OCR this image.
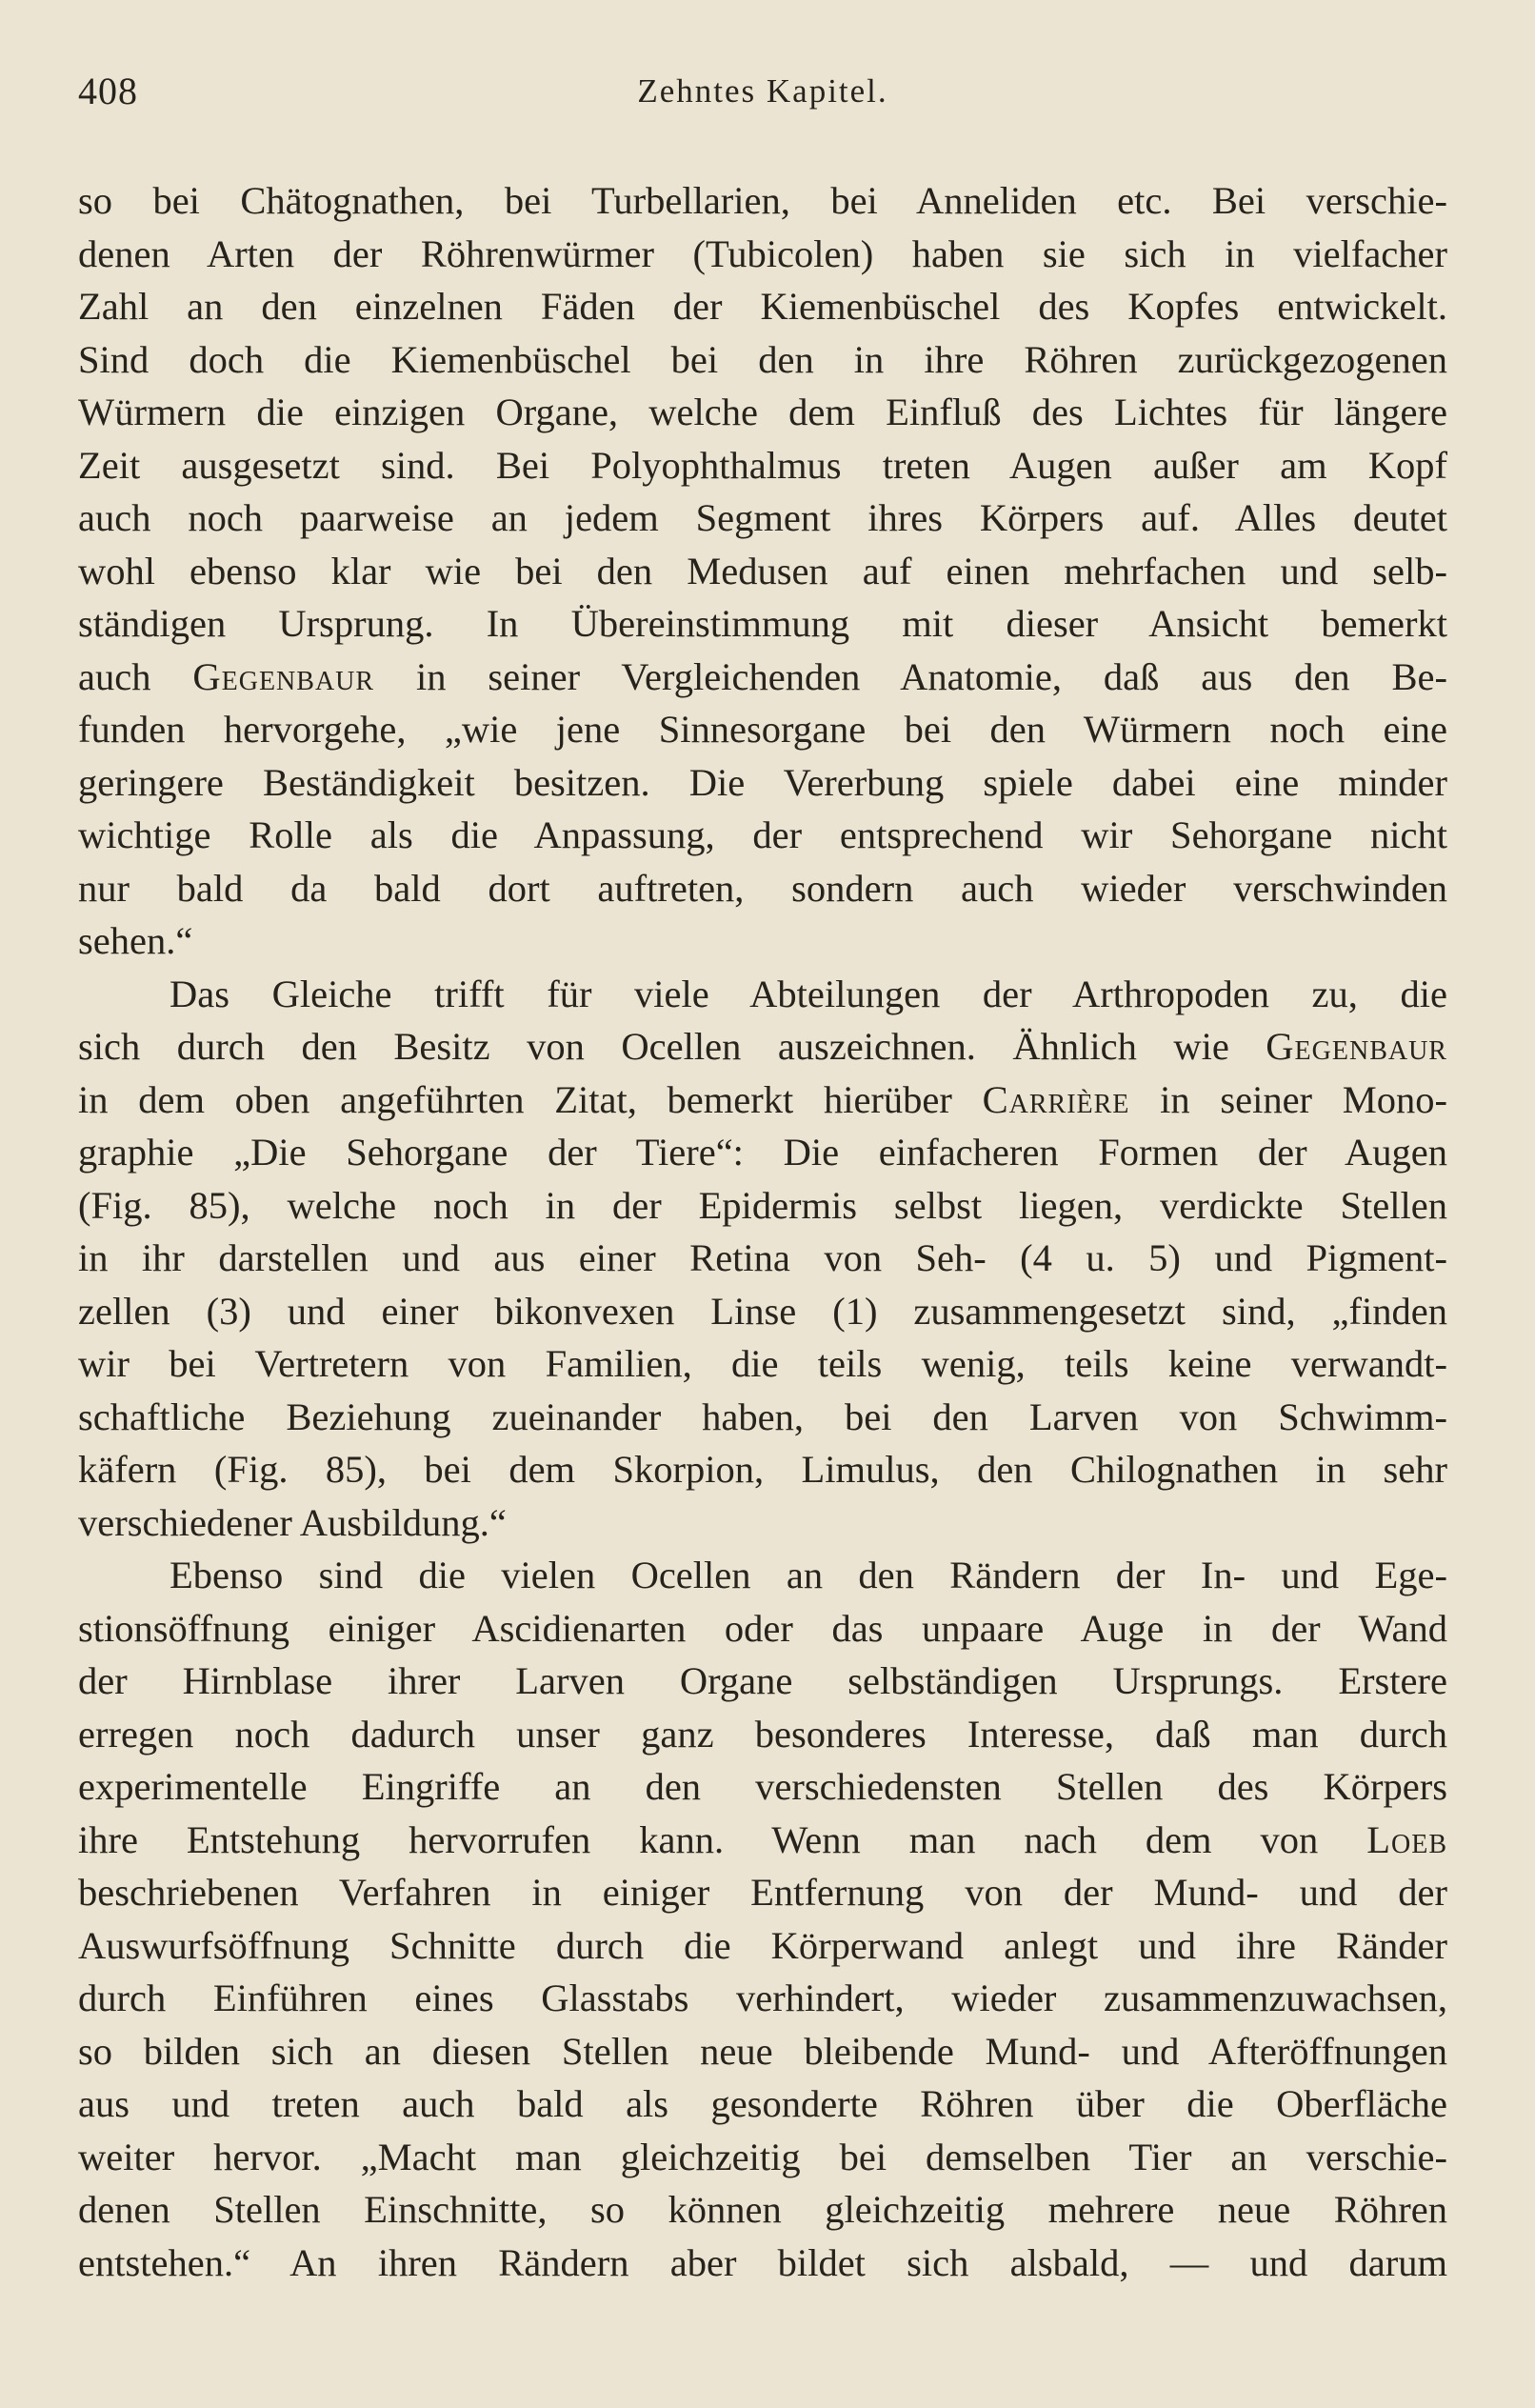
408	Zehntes Kapitel.
so bei Chätognathen, bei Turbellarien, bei Anneliden etc. Bei verschie-
denen Arten der Röhrenwürmer (Tubicolen) haben sie sich in vielfacher
Zahl an den einzelnen Fäden der Kiemenbüschel des Kopfes entwickelt.
Sind doch die Kiemenbüschel bei den in ihre Röhren zurückgezogenen
Würmern die einzigen Organe, welche dem Einfluß des Lichtes für längere
Zeit ausgesetzt sind. Bei Polyophthalmus treten Augen außer am Kopf
auch noch paarweise an jedem Segment ihres Körpers auf. Alles deutet
wohl ebenso klar wie bei den Medusen auf einen mehrfachen und selb-
ständigen Ursprung. In Übereinstimmung mit dieser Ansicht bemerkt
auch Gegenbaur in seiner Vergleichenden Anatomie, daß aus den Be-
funden hervorgehe, „wie jene Sinnesorgane bei den Würmern noch eine
geringere Beständigkeit besitzen. Die Vererbung spiele dabei eine minder
wichtige Rolle als die Anpassung, der entsprechend wir Sehorgane nicht
nur bald da bald dort auftreten, sondern auch wieder verschwinden
sehen.“
Das Gleiche trifft für viele Abteilungen der Arthropoden zu, die
sich durch den Besitz von Ocellen auszeichnen. Ähnlich wie Gegenbaur
in dem oben angeführten Zitat, bemerkt hierüber Carrière in seiner Mono-
graphie „Die Sehorgane der Tiere“: Die einfacheren Formen der Augen
(Fig. 85), welche noch in der Epidermis selbst liegen, verdickte Stellen
in ihr darstellen und aus einer Retina von Seh- (4 u. 5) und Pigment-
zellen (3) und einer bikonvexen Linse (1) zusammengesetzt sind, „finden
wir bei Vertretern von Familien, die teils wenig, teils keine verwandt-
schaftliche Beziehung zueinander haben, bei den Larven von Schwimm-
käfern (Fig. 85), bei dem Skorpion, Limulus, den Chilognathen in sehr
verschiedener Ausbildung.“
Ebenso sind die vielen Ocellen an den Rändern der In- und Ege-
stionsöffnung einiger Ascidienarten oder das unpaare Auge in der Wand
der Hirnblase ihrer Larven Organe selbständigen Ursprungs. Erstere
erregen noch dadurch unser ganz besonderes Interesse, daß man durch
experimentelle Eingriffe an den verschiedensten Stellen des Körpers
ihre Entstehung hervorrufen kann. Wenn man nach dem von Loeb
beschriebenen Verfahren in einiger Entfernung von der Mund- und der
Auswurfsöffnung Schnitte durch die Körperwand anlegt und ihre Ränder
durch Einführen eines Glasstabs verhindert, wieder zusammenzuwachsen,
so bilden sich an diesen Stellen neue bleibende Mund- und Afteröffnungen
aus und treten auch bald als gesonderte Röhren über die Oberfläche
weiter hervor. „Macht man gleichzeitig bei demselben Tier an verschie-
denen Stellen Einschnitte, so können gleichzeitig mehrere neue Röhren
entstehen.“ An ihren Rändern aber bildet sich alsbald, — und darum
